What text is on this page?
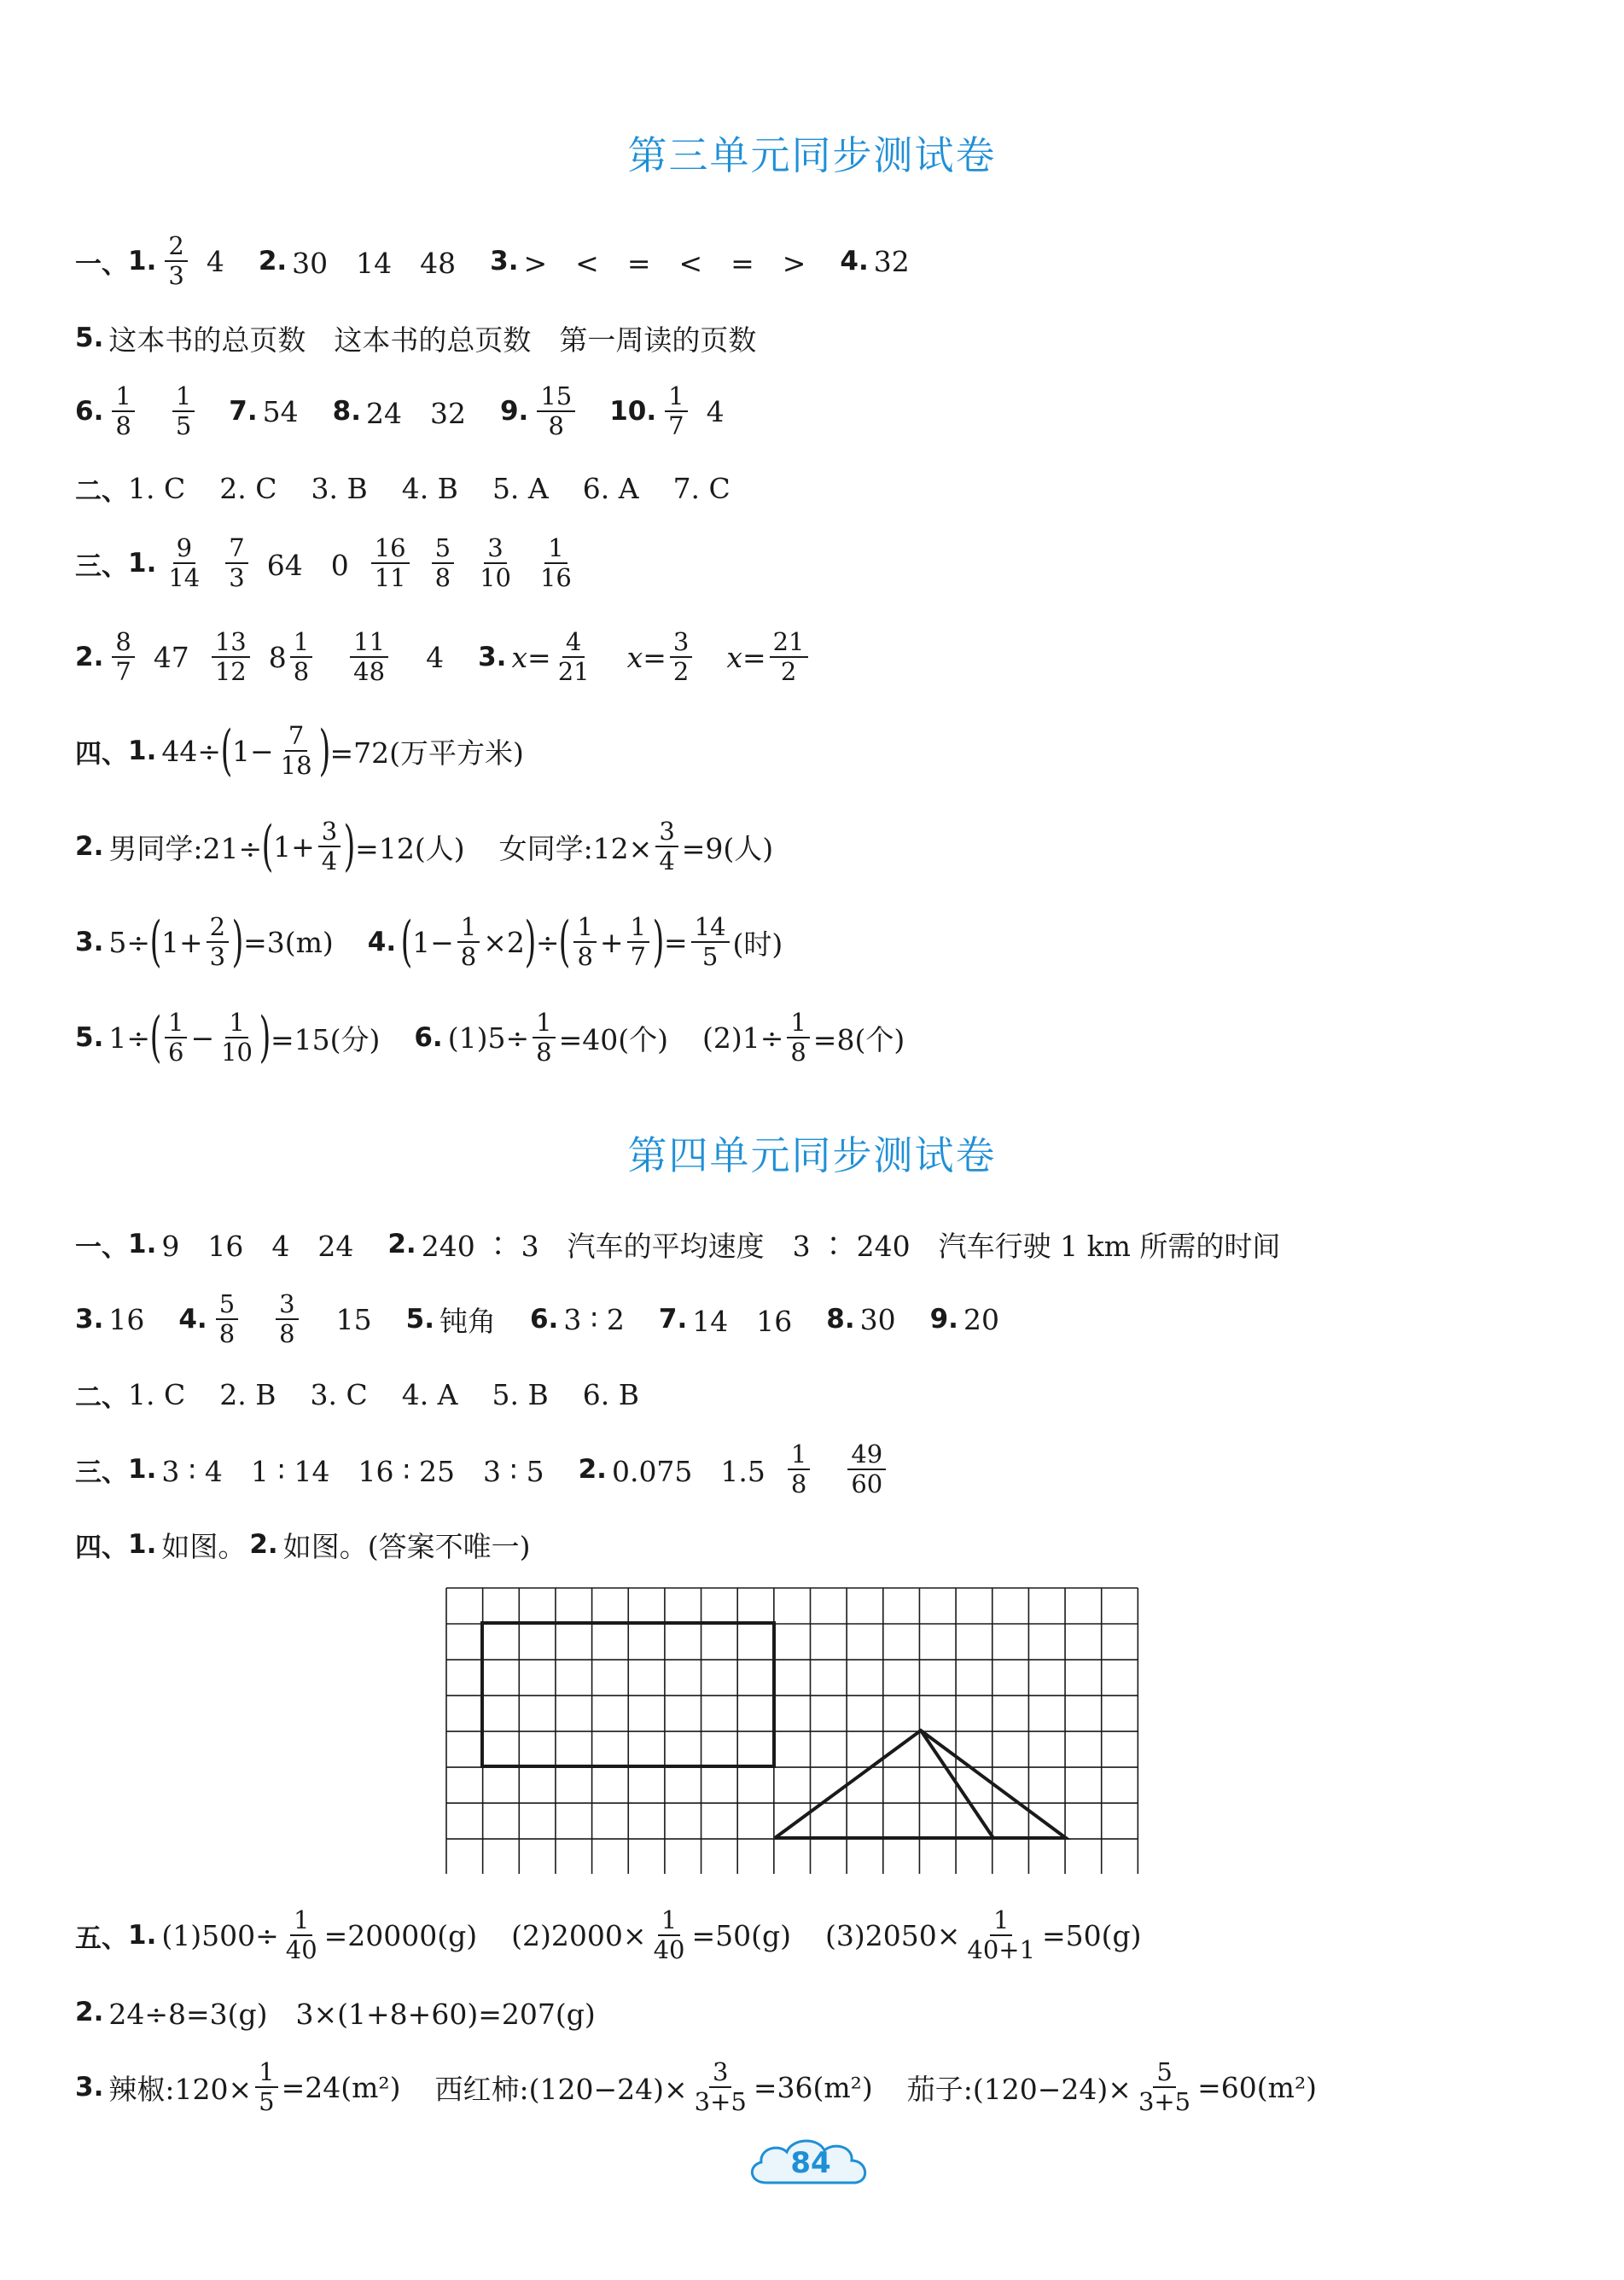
第三单元同步测试卷
一、 1. $\frac{2}{3} 4$ 2. 30　14　48 3. >　<　=　<　=　> 4. 32
5. 这本书的总页数　这本书的总页数　第一周读的页数
6. $\frac{1}{8} \frac{1}{5} 7$. 54 8. 24　32 9. $\frac{15}{8} 10$. $\frac{1}{7} 4$
二、 1. C 2. C 3. B 4. B 5. A 6. A 7. C
三、 1. $\frac{9}{14} \frac{7}{3} 64$　$0 \frac{16}{11} \frac{5}{8} \frac{3}{10} \frac{1}{16}$
2. $\frac{8}{7} 47 \frac{13}{12} 8 \frac{1}{8} \frac{11}{48} 4$ 3. $x= \frac{4}{21} x= \frac{3}{2} x= \frac{21}{2}$
四、 1. 44÷ ( $1- \frac{7}{18}$ ) =72(万平方米)
2. 男同学:21÷ ( $1+ \frac{3}{4}$ ) =12(人) 女同学:12× $\frac{3}{4} =9$(人)
3. 5÷ ( $1+ \frac{2}{3}$ ) =3(m) 4. ( $1- \frac{1}{8} \times 2$ ) ÷ ( $\frac{1}{8} + \frac{1}{7}$ ) = $\frac{14}{5}$ (时)
5. 1÷ ( $\frac{1}{6} - \frac{1}{10}$ ) =15(分) 6. $(1)5\div \frac{1}{8} =40$(个) $(2)1\div \frac{1}{8} =8$(个)
第四单元同步测试卷
一、 1. 9　16　4　24 2. 240 ∶ 3　汽车的平均速度　3 ∶ 240　汽车行驶 1 km 所需的时间
3. 16 4. $\frac{5}{8} \frac{3}{8} 15$ 5. 钝角 6. 3 ∶ 2 7. 14　16 8. 30 9. 20
二、 1. C 2. B 3. C 4. A 5. B 6. B
三、 1. 3 ∶ 4　1 ∶ 14　16 ∶ 25　3 ∶ 5 2. 0.075　$1.5 \frac{1}{8} \frac{49}{60}$
四、 1. 如图。 2. 如图。(答案不唯一)
五、 1. $(1)500\div \frac{1}{40} =20000(g)$ $(2)2000\times \frac{1}{40} =50(g)$ $(3)2050\times \frac{1}{40+1} =50(g)$
2. 24÷8=3(g)　3×(1+8+60)=207(g)
3. 辣椒:120× $\frac{1}{5} =24(m^2)$ 西红柿:(120−24)× $\frac{3}{3+5} =36(m^2)$ 茄子:(120−24)× $\frac{5}{3+5} =60(m^2)$
84
